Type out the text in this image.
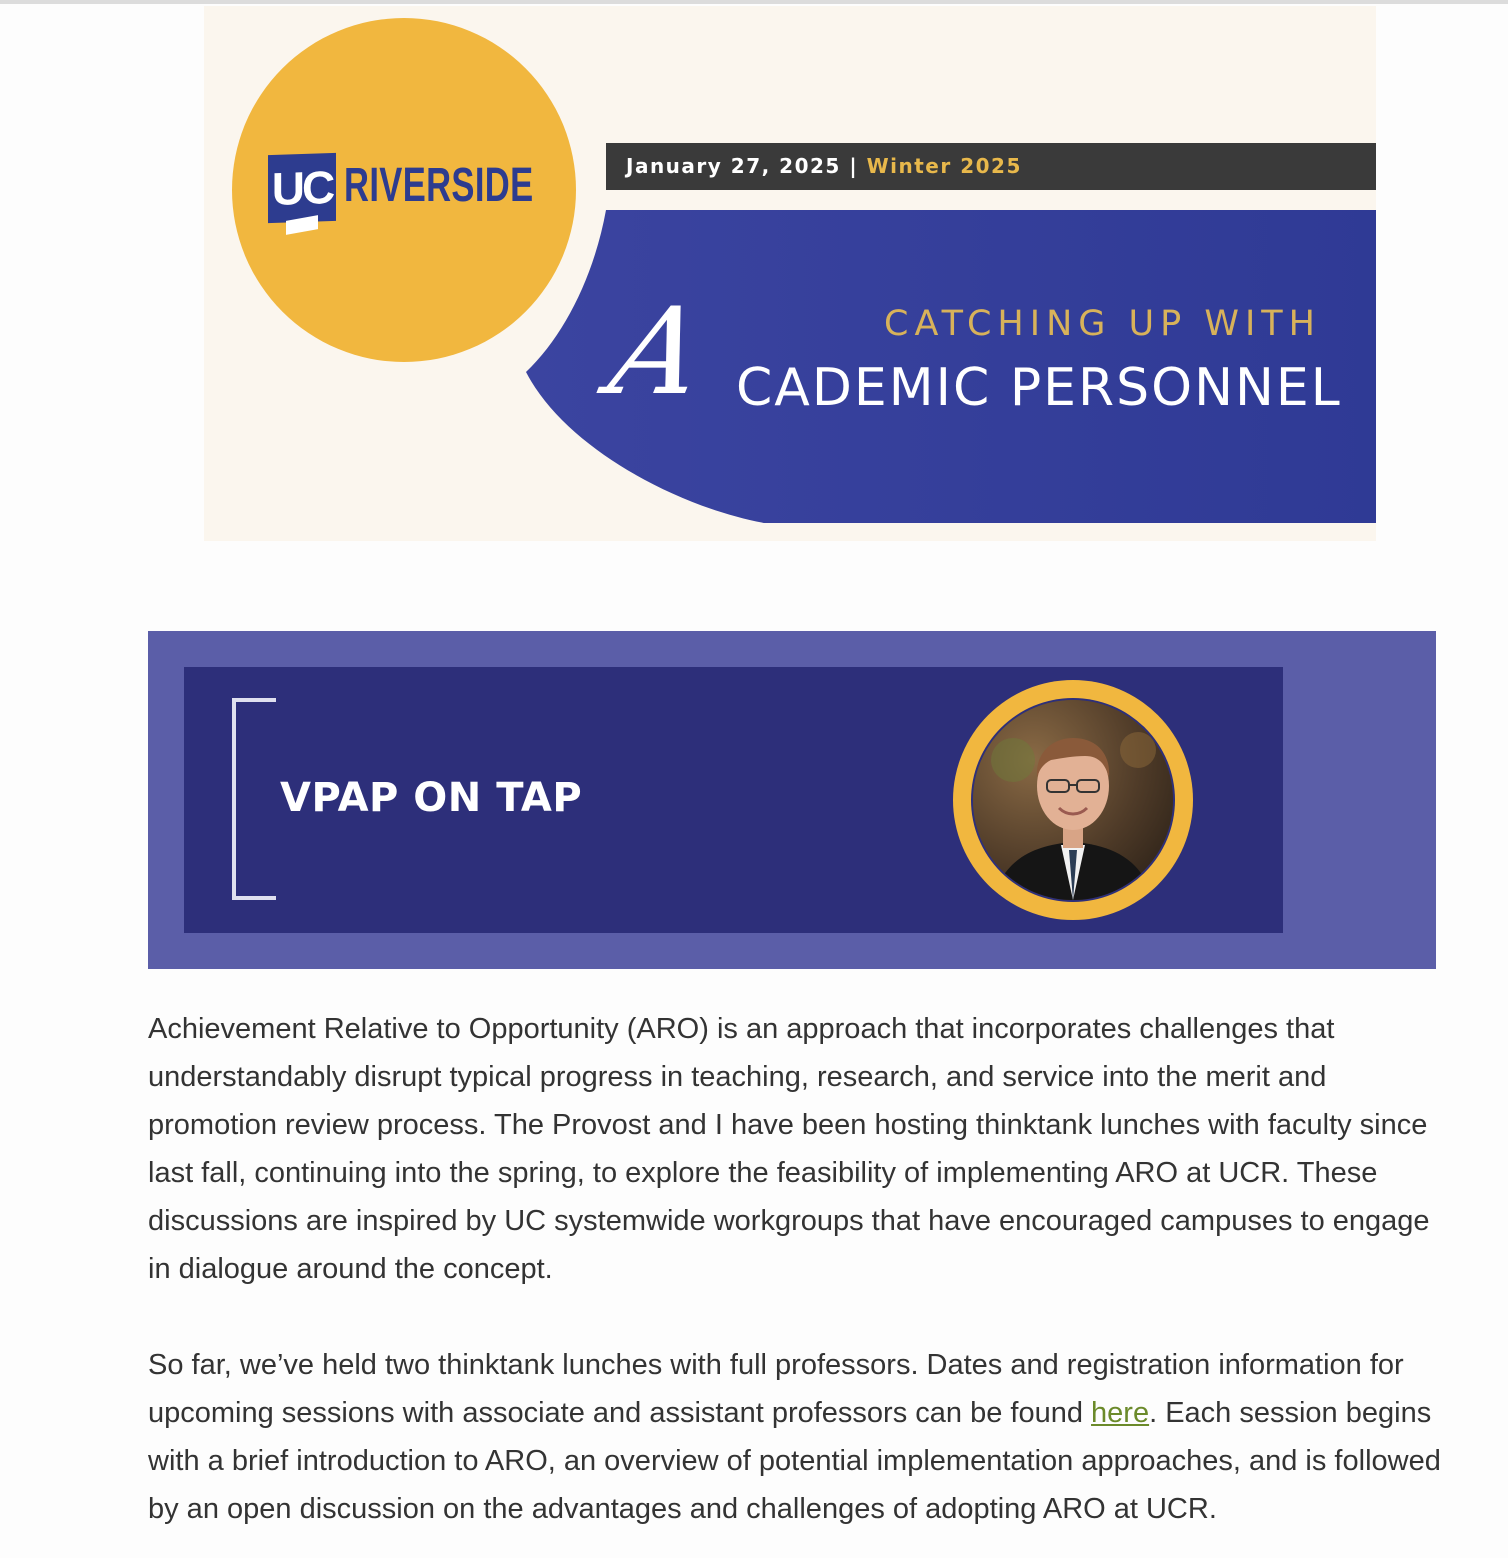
UC RIVERSIDE	January 27, 2025 | Winter 2025
CATCHING UP WITH
A CADEMIC PERSONNEL
VPAP ON TAP

Achievement Relative to Opportunity (ARO) is an approach that incorporates challenges that understandably disrupt typical progress in teaching, research, and service into the merit and promotion review process. The Provost and I have been hosting thinktank lunches with faculty since last fall, continuing into the spring, to explore the feasibility of implementing ARO at UCR. These discussions are inspired by UC systemwide workgroups that have encouraged campuses to engage in dialogue around the concept.

So far, we’ve held two thinktank lunches with full professors. Dates and registration information for upcoming sessions with associate and assistant professors can be found here. Each session begins with a brief introduction to ARO, an overview of potential implementation approaches, and is followed by an open discussion on the advantages and challenges of adopting ARO at UCR.
